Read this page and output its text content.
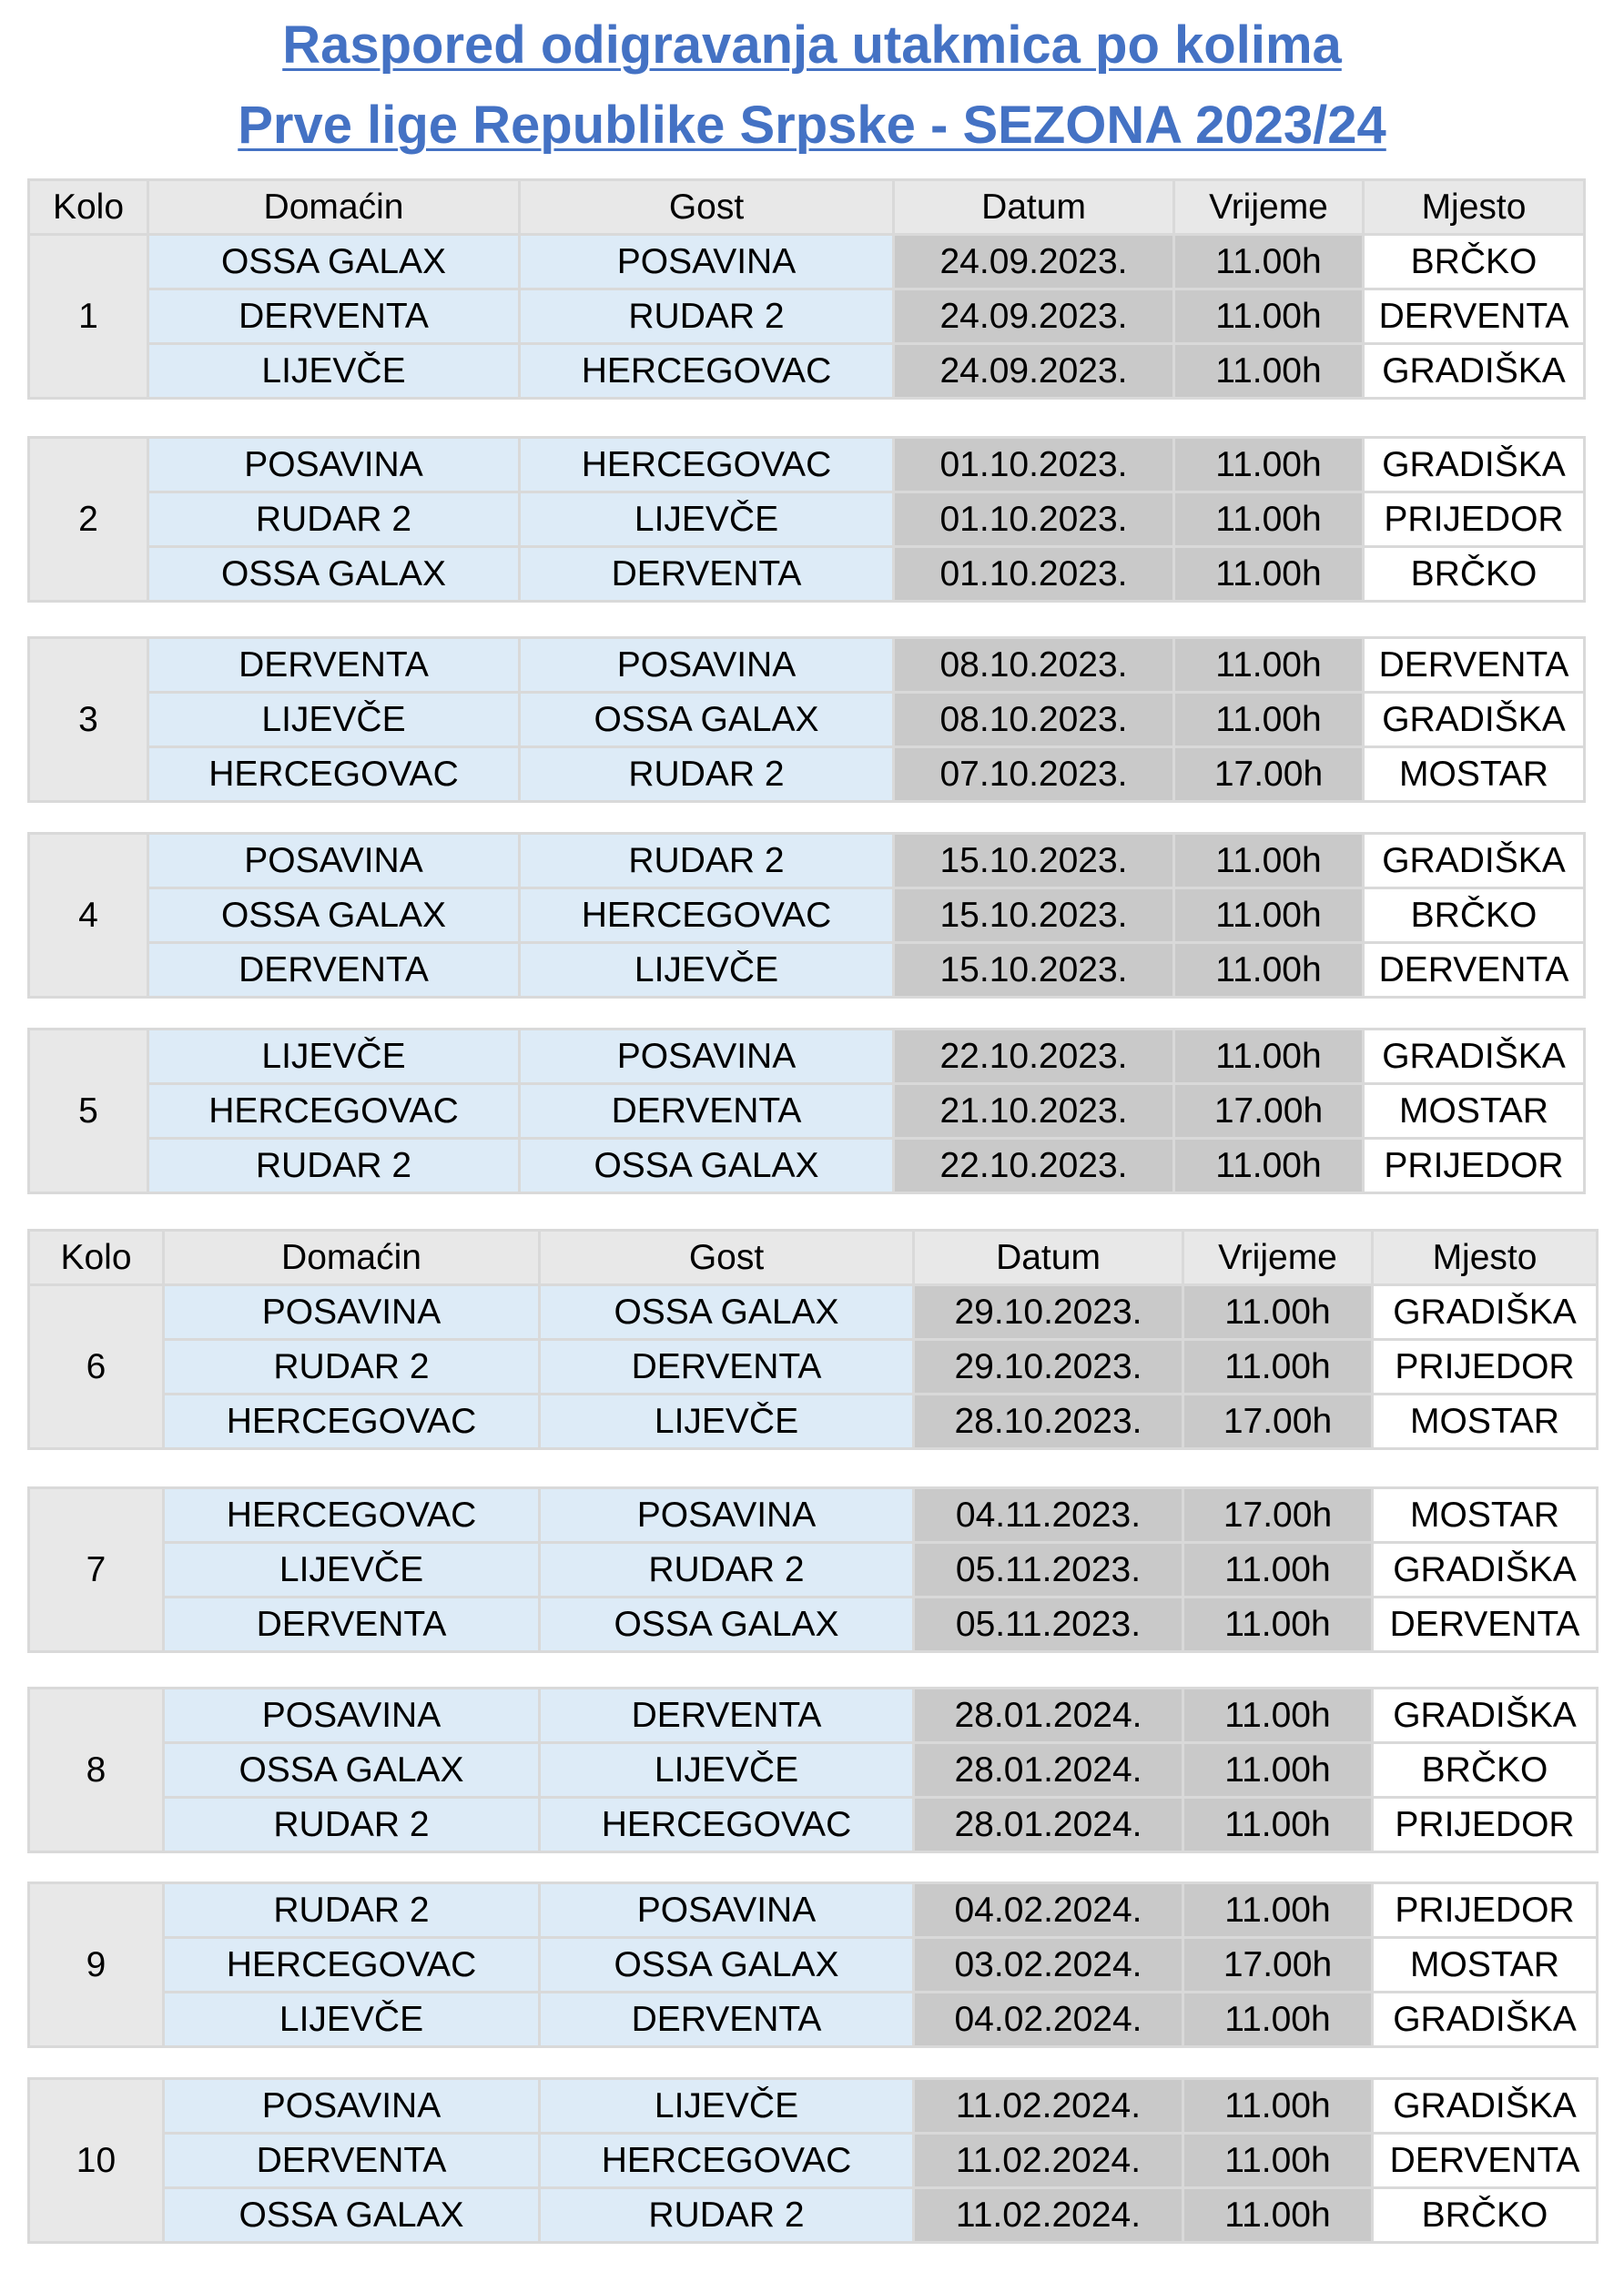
Raspored odigravanja utakmica po kolima
Prve lige Republike Srpske - SEZONA 2023/24
Kolo	Domaćin	Gost	Datum	Vrijeme	Mjesto
1	OSSA GALAX	POSAVINA	24.09.2023.	11.00h	BRČKO
	DERVENTA	RUDAR 2	24.09.2023.	11.00h	DERVENTA
	LIJEVČE	HERCEGOVAC	24.09.2023.	11.00h	GRADIŠKA
2	POSAVINA	HERCEGOVAC	01.10.2023.	11.00h	GRADIŠKA
	RUDAR 2	LIJEVČE	01.10.2023.	11.00h	PRIJEDOR
	OSSA GALAX	DERVENTA	01.10.2023.	11.00h	BRČKO
3	DERVENTA	POSAVINA	08.10.2023.	11.00h	DERVENTA
	LIJEVČE	OSSA GALAX	08.10.2023.	11.00h	GRADIŠKA
	HERCEGOVAC	RUDAR 2	07.10.2023.	17.00h	MOSTAR
4	POSAVINA	RUDAR 2	15.10.2023.	11.00h	GRADIŠKA
	OSSA GALAX	HERCEGOVAC	15.10.2023.	11.00h	BRČKO
	DERVENTA	LIJEVČE	15.10.2023.	11.00h	DERVENTA
5	LIJEVČE	POSAVINA	22.10.2023.	11.00h	GRADIŠKA
	HERCEGOVAC	DERVENTA	21.10.2023.	17.00h	MOSTAR
	RUDAR 2	OSSA GALAX	22.10.2023.	11.00h	PRIJEDOR
Kolo	Domaćin	Gost	Datum	Vrijeme	Mjesto
6	POSAVINA	OSSA GALAX	29.10.2023.	11.00h	GRADIŠKA
	RUDAR 2	DERVENTA	29.10.2023.	11.00h	PRIJEDOR
	HERCEGOVAC	LIJEVČE	28.10.2023.	17.00h	MOSTAR
7	HERCEGOVAC	POSAVINA	04.11.2023.	17.00h	MOSTAR
	LIJEVČE	RUDAR 2	05.11.2023.	11.00h	GRADIŠKA
	DERVENTA	OSSA GALAX	05.11.2023.	11.00h	DERVENTA
8	POSAVINA	DERVENTA	28.01.2024.	11.00h	GRADIŠKA
	OSSA GALAX	LIJEVČE	28.01.2024.	11.00h	BRČKO
	RUDAR 2	HERCEGOVAC	28.01.2024.	11.00h	PRIJEDOR
9	RUDAR 2	POSAVINA	04.02.2024.	11.00h	PRIJEDOR
	HERCEGOVAC	OSSA GALAX	03.02.2024.	17.00h	MOSTAR
	LIJEVČE	DERVENTA	04.02.2024.	11.00h	GRADIŠKA
10	POSAVINA	LIJEVČE	11.02.2024.	11.00h	GRADIŠKA
	DERVENTA	HERCEGOVAC	11.02.2024.	11.00h	DERVENTA
	OSSA GALAX	RUDAR 2	11.02.2024.	11.00h	BRČKO
